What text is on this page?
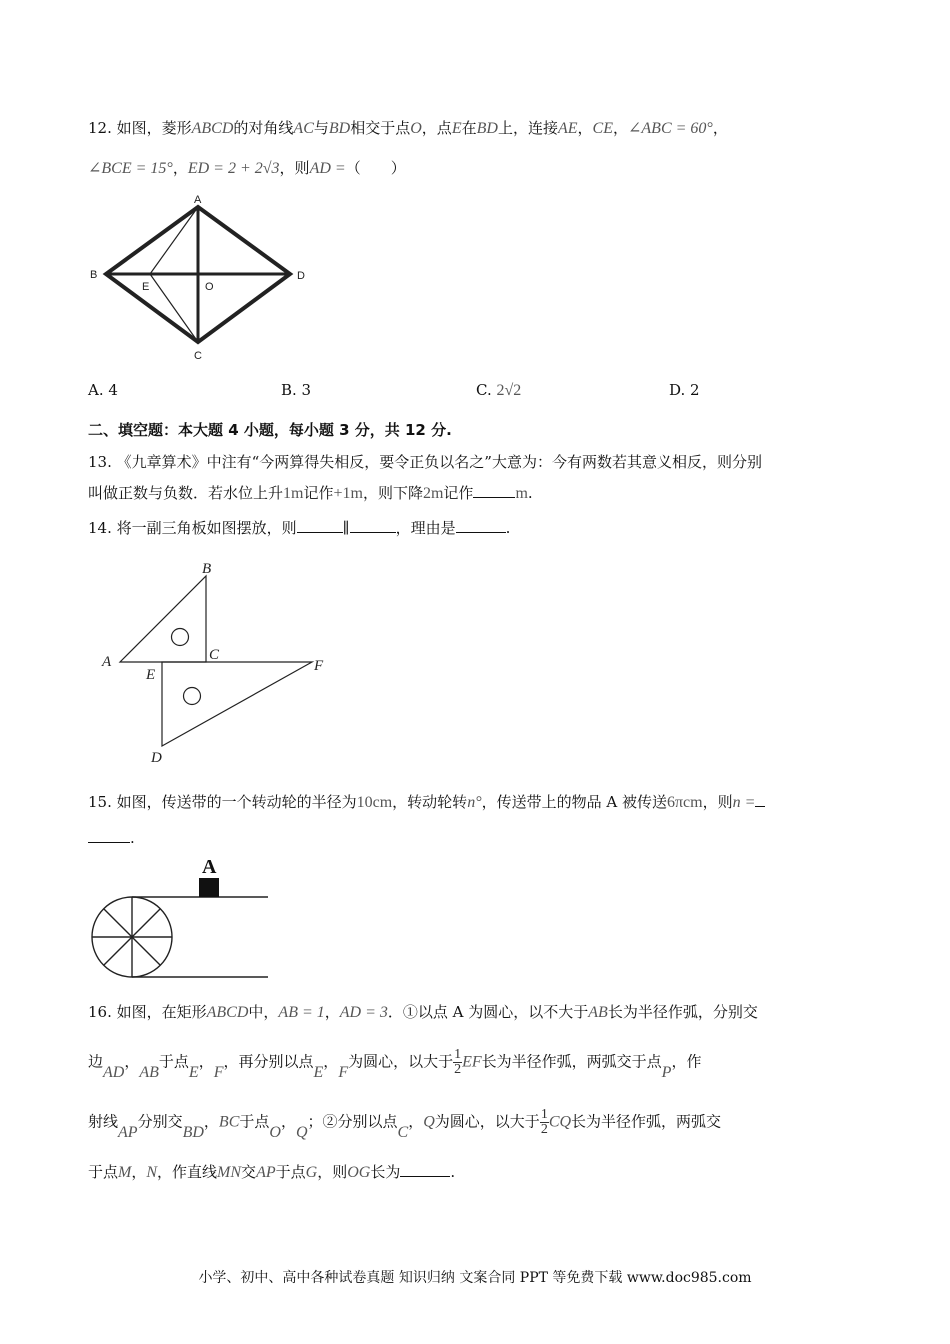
12. 如图，菱形ABCD的对角线AC与BD相交于点O，点E在BD上，连接AE，CE，∠ABC = 60°，
∠BCE = 15°，ED = 2 + 2√3，则AD =（　　）
A
B
C
D
E	O
A. 4	B. 3	C. 2√2	D. 2
二、填空题：本大题 4 小题，每小题 3 分，共 12 分.
13. 《九章算术》中注有“今两算得失相反，要令正负以名之”大意为：今有两数若其意义相反，则分别
叫做正数与负数．若水位上升1m记作+1m，则下降2m记作	m.
14. 将一副三角板如图摆放，则	∥	，理由是	.
B
A	C
E
F
D
15. 如图，传送带的一个转动轮的半径为10cm，转动轮转n°，传送带上的物品 A 被传送6πcm，则n =
.
A
16. 如图，在矩形ABCD中，AB = 1，AD = 3．①以点 A 为圆心，以不大于AB长为半径作弧，分别交
边AD，AB于点E，F，再分别以点E，F为圆心，以大于 $\frac{1}{2}$ EF长为半径作弧，两弧交于点P，作
射线AP分别交BD，BC于点O，Q；②分别以点C，Q为圆心，以大于 $\frac{1}{2}$ CQ长为半径作弧，两弧交
于点M，N，作直线MN交AP于点G，则OG长为	.
小学、初中、高中各种试卷真题 知识归纳 文案合同 PPT 等免费下载 www.doc985.com
